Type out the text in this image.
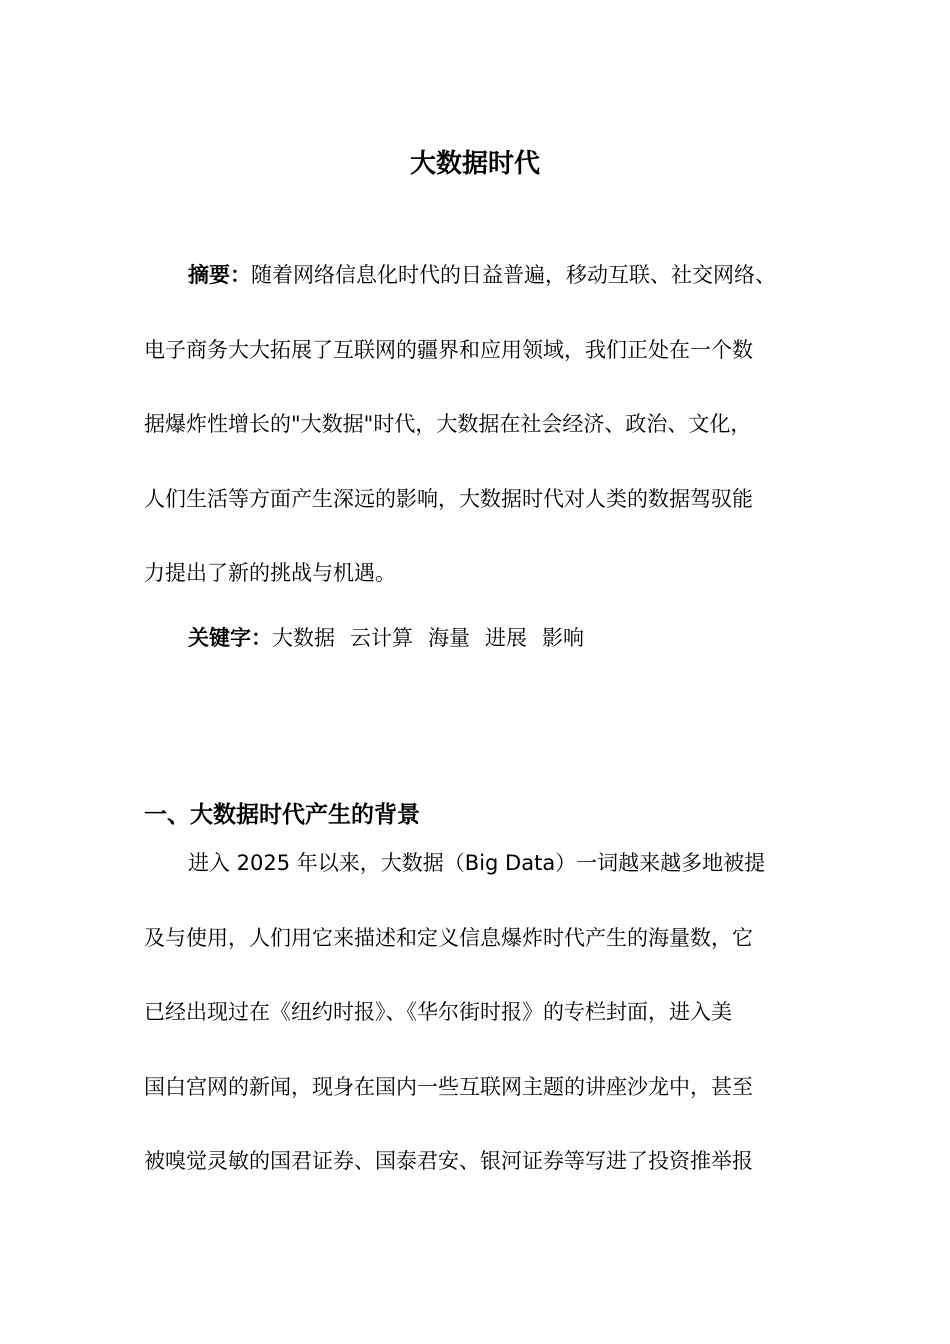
大数据时代
摘要：随着网络信息化时代的日益普遍，移动互联、社交网络、
电子商务大大拓展了互联网的疆界和应用领域，我们正处在一个数
据爆炸性增长的"大数据"时代，大数据在社会经济、政治、文化，
人们生活等方面产生深远的影响，大数据时代对人类的数据驾驭能
力提出了新的挑战与机遇。

关键字：大数据 云计算 海量 进展 影响

一、大数据时代产生的背景
进入 2025 年以来，大数据（Big Data）一词越来越多地被提
及与使用，人们用它来描述和定义信息爆炸时代产生的海量数，它
已经出现过在《纽约时报》、《华尔街时报》的专栏封面，进入美
国白宫网的新闻，现身在国内一些互联网主题的讲座沙龙中，甚至
被嗅觉灵敏的国君证券、国泰君安、银河证券等写进了投资推举报
